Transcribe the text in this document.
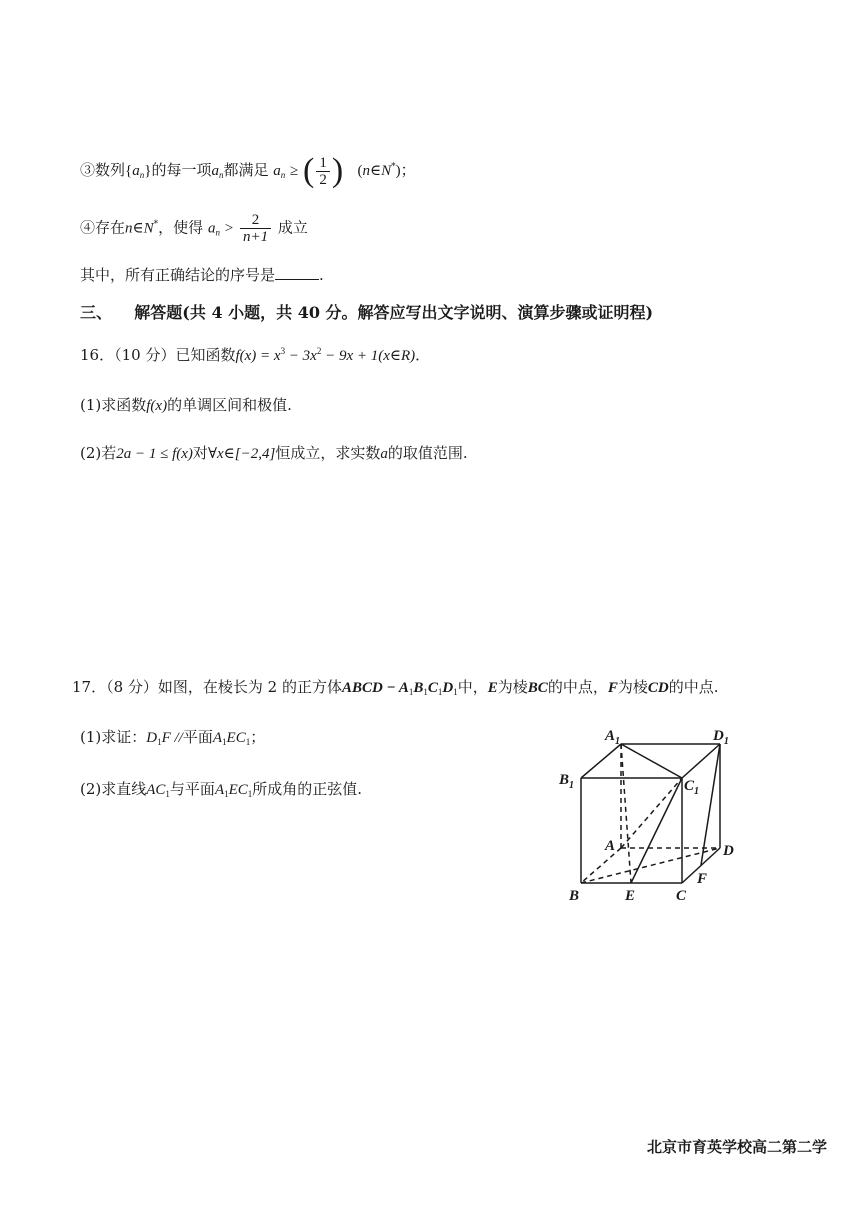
③数列$\{a_n\}$的每一项$a_n$都满足 $a_n$ ≥ ( $\frac{1}{2}$ ) (n∈N*)；
④存在n∈N*，使得 $a_n > \frac{2}{n+1}$ 成立
其中，所有正确结论的序号是	.
三、 解答题(共 4 小题，共 40 分。解答应写出文字说明、演算步骤或证明程)
16．（10 分）已知函数$f(x) = x^3 - 3x^2 - 9x$ + 1(x∈R)．
(1)求函数f(x)的单调区间和极值.
(2)若2a − 1 ≤ f(x)对∀x∈[−2,4]恒成立，求实数a的取值范围.
17．（8 分）如图，在棱长为 2 的正方体ABCD − $A_1B_1C_1D_1$中，E为棱BC的中点，F为棱CD的中点.
(1)求证：$D_1F$ //平面$A_1EC_1$；
(2)求直线$AC_1$与平面$A_1EC_1$所成角的正弦值.
$A_1$	$D_1$
$B_1$	$C_1$
A	D
B	E	C
F
北京市育英学校高二第二学
